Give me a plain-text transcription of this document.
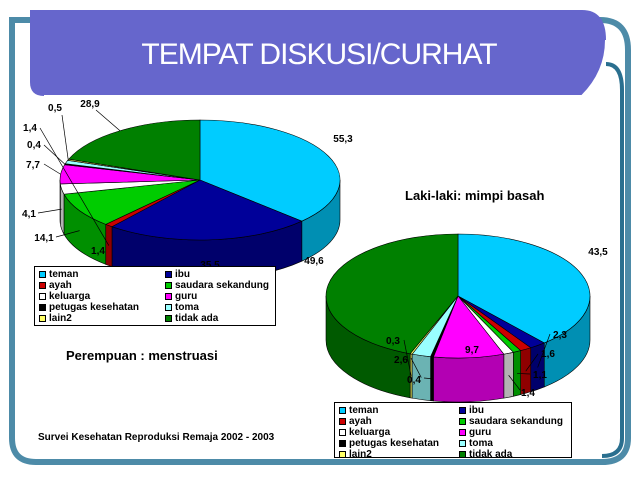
55,3
1,4
14,1
4,1
7,7
0,4
1,4
0,5 28,9
43,5
2,3
1,6
1,1
1,4
9,7
0,4
2,6
0,3
49,6
TEMPAT DISKUSI/CURHAT
Perempuan : menstruasi
Laki-laki: mimpi basah
Survei Kesehatan Reproduksi Remaja 2002 - 2003
teman
ayah
keluarga
petugas kesehatan
lain2
ibu
saudara sekandung
guru
toma
tidak ada
teman
ayah
keluarga
petugas kesehatan
lain2
ibu
saudara sekandung
guru
toma
tidak ada
